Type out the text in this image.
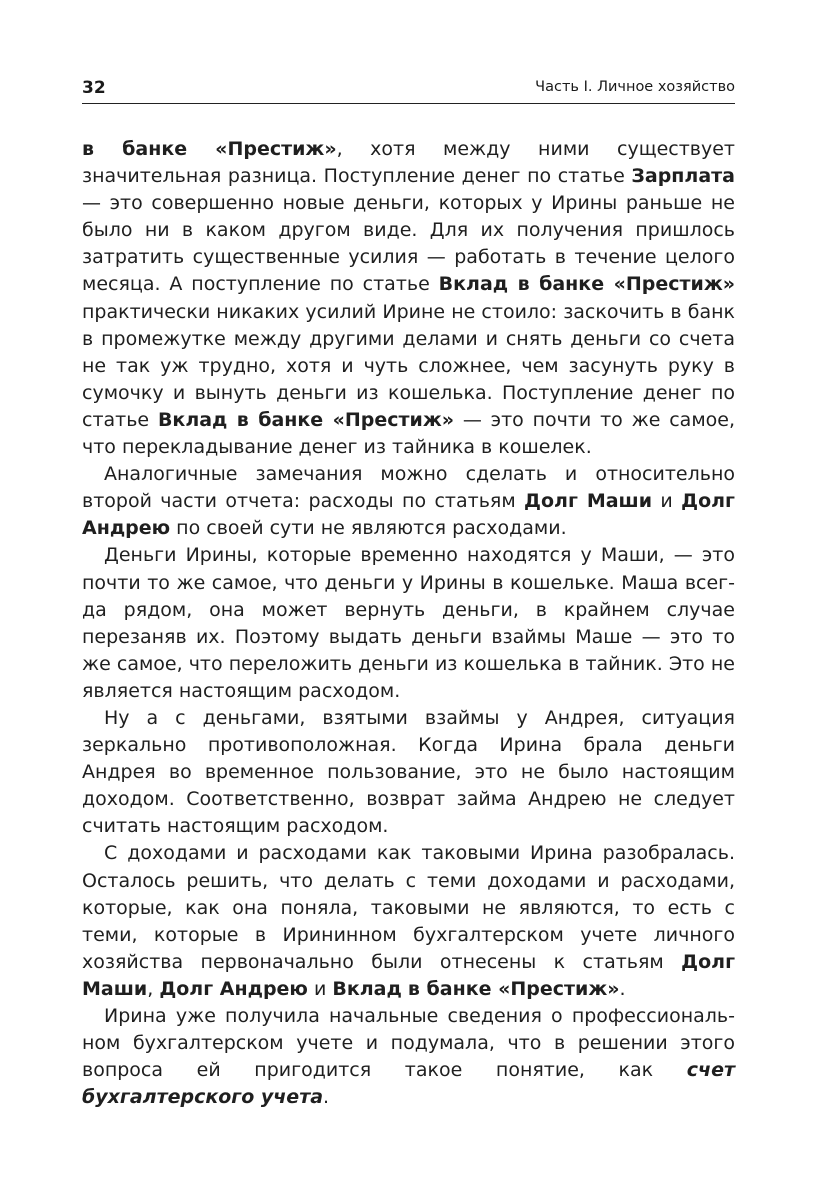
32	Часть I. Личное хозяйство

в банке «Престиж», хотя между ними существует значительная разница. Поступление денег по статье Зарплата — это совершенно новые деньги, которых у Ирины раньше не было ни в каком другом виде. Для их получения пришлось затратить существенные усилия — работать в течение целого месяца. А поступление по статье Вклад в банке «Престиж» практически никаких усилий Ирине не стоило: заскочить в банк в промежутке между другими делами и снять деньги со счета не так уж трудно, хотя и чуть сложнее, чем засунуть руку в сумочку и вынуть деньги из кошелька. Поступление денег по статье Вклад в банке «Престиж» — это почти то же самое, что перекладывание денег из тайника в кошелек.

Аналогичные замечания можно сделать и относительно второй части отчета: расходы по статьям Долг Маши и Долг Андрею по своей сути не являются расходами.

Деньги Ирины, которые временно находятся у Маши, — это почти то же самое, что деньги у Ирины в кошельке. Маша всегда рядом, она может вернуть деньги, в крайнем случае перезаняв их. Поэтому выдать деньги взаймы Маше — это то же самое, что переложить деньги из кошелька в тайник. Это не является настоящим расходом.

Ну а с деньгами, взятыми взаймы у Андрея, ситуация зеркально противоположная. Когда Ирина брала деньги Андрея во временное пользование, это не было настоящим доходом. Соответственно, возврат займа Андрею не следует считать настоящим расходом.

С доходами и расходами как таковыми Ирина разобралась. Осталось решить, что делать с теми доходами и расходами, которые, как она поняла, таковыми не являются, то есть с теми, которые в Ирининном бухгалтерском учете личного хозяйства первоначально были отнесены к статьям Долг Маши, Долг Андрею и Вклад в банке «Престиж».

Ирина уже получила начальные сведения о профессиональном бухгалтерском учете и подумала, что в решении этого вопроса ей пригодится такое понятие, как счет бухгалтерского учета.
